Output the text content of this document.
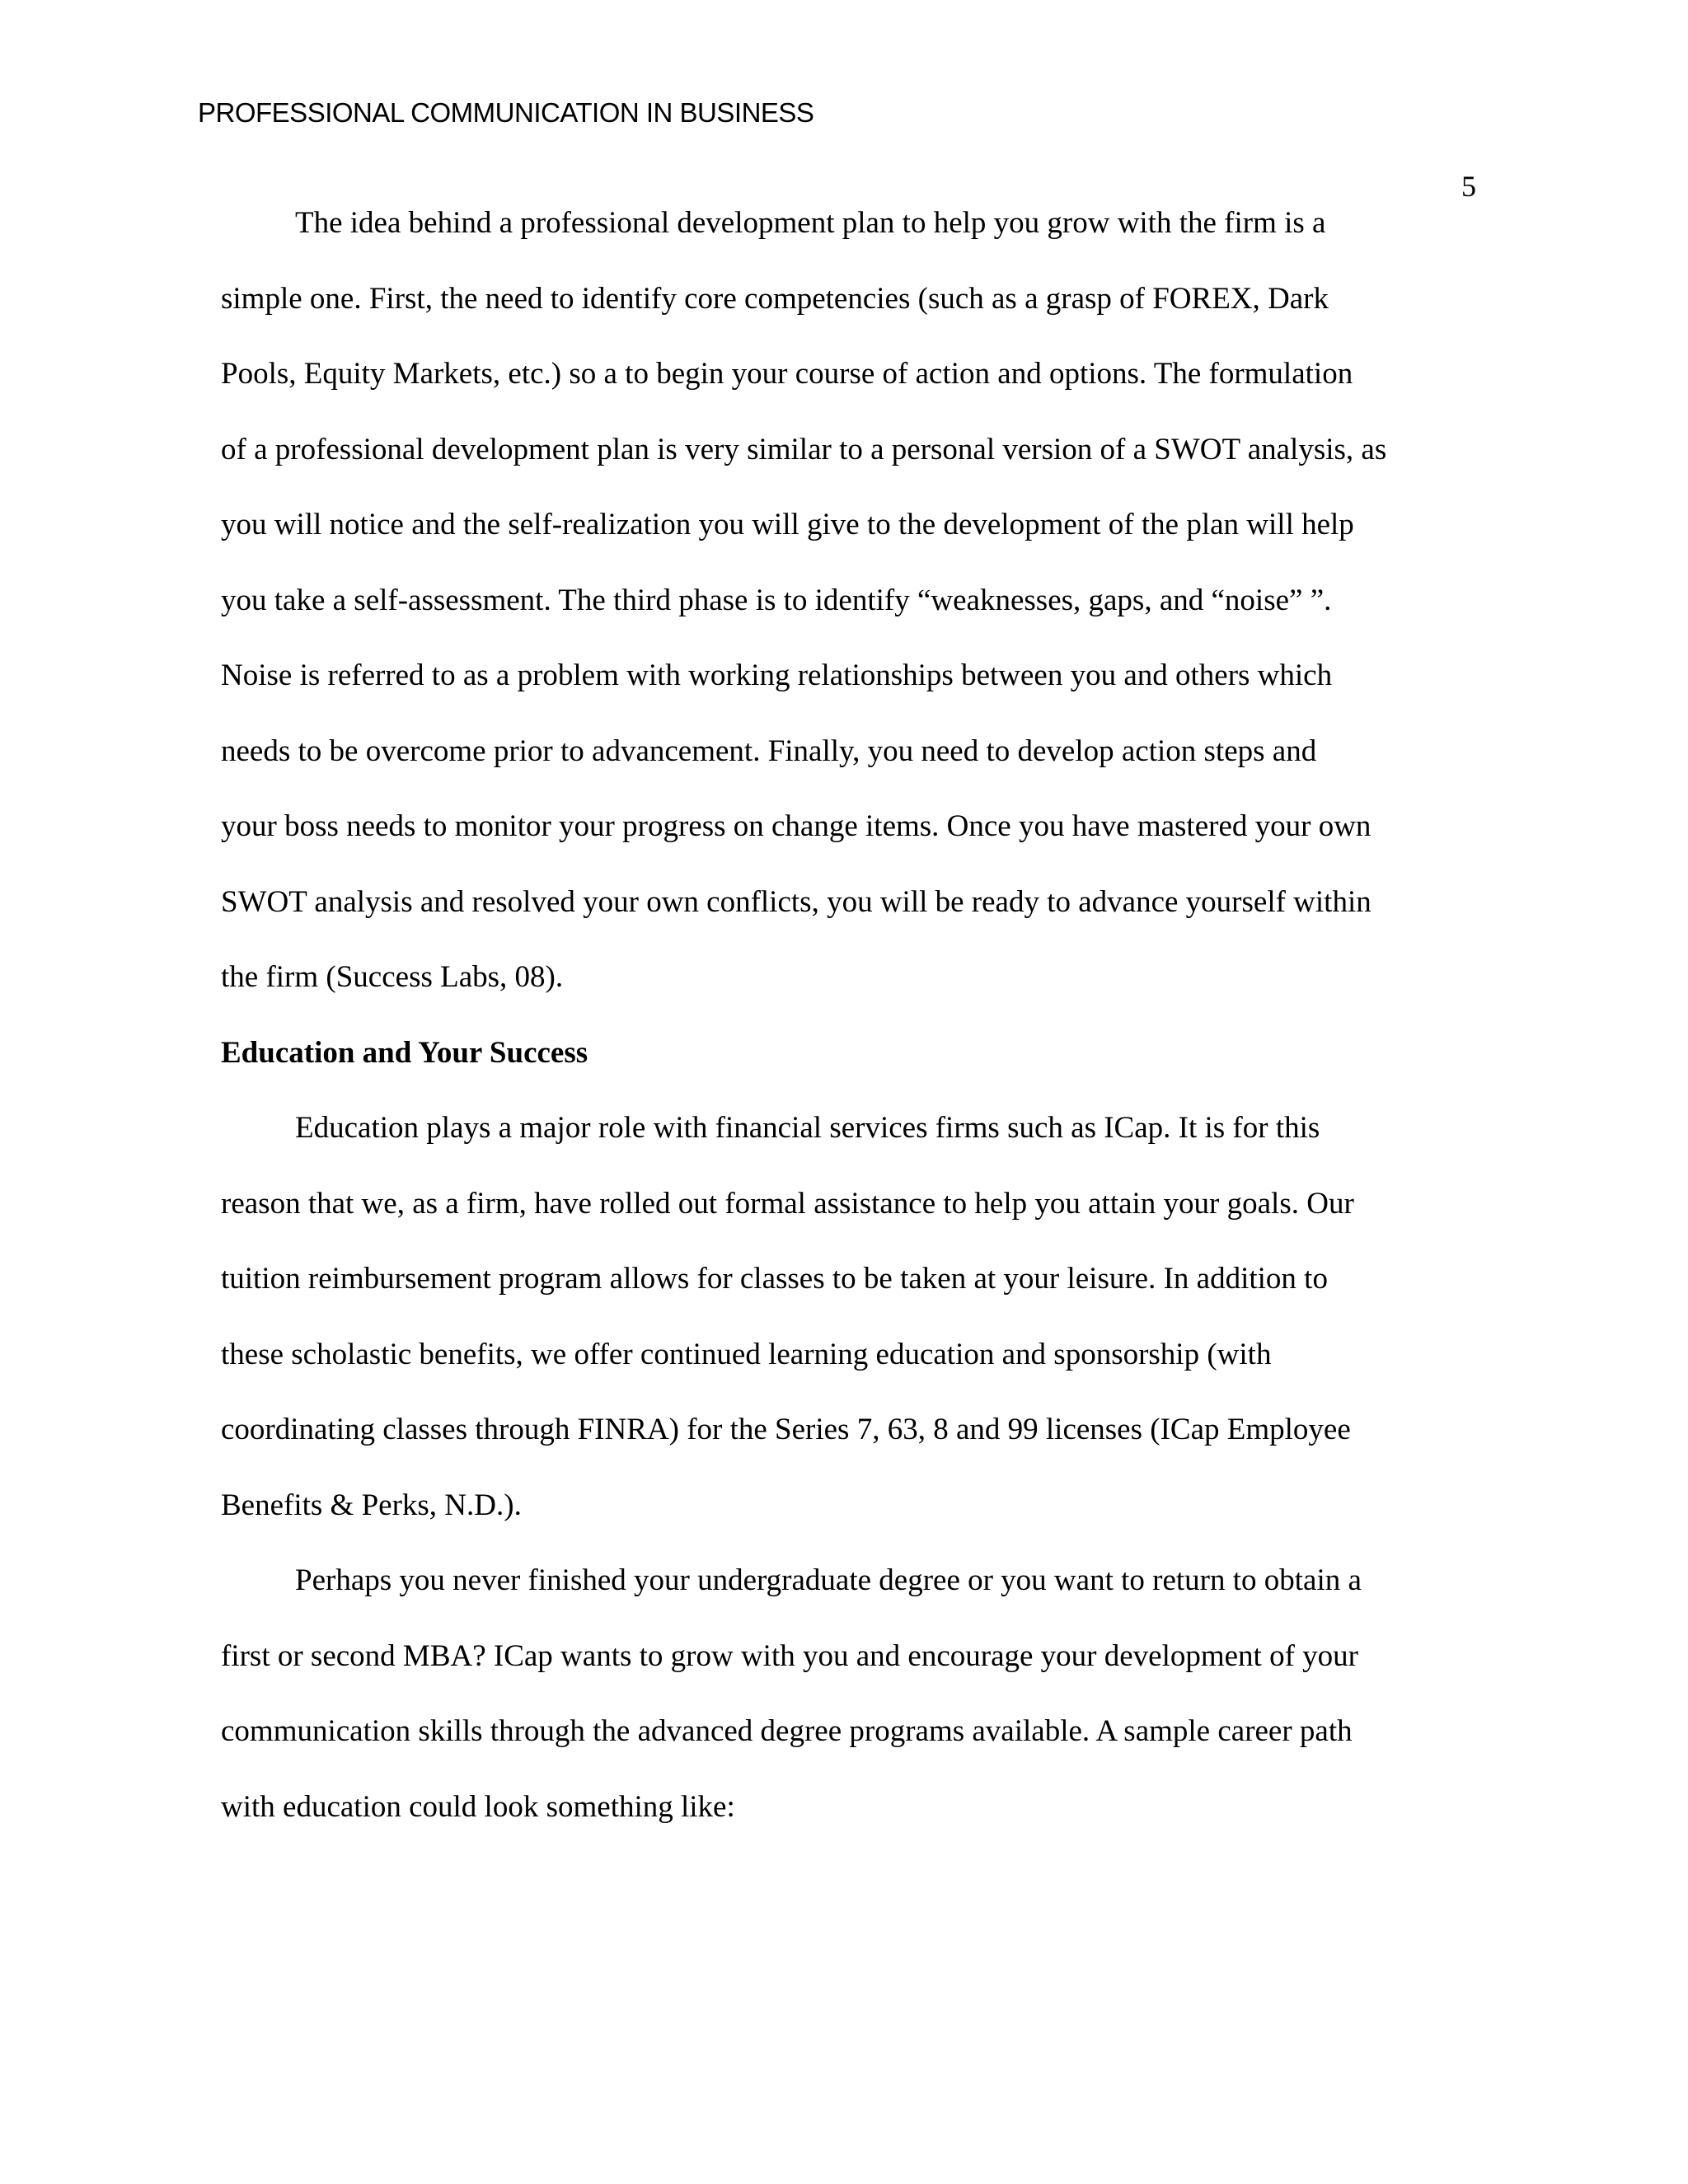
PROFESSIONAL COMMUNICATION IN BUSINESS
5
The idea behind a professional development plan to help you grow with the firm is a
simple one. First, the need to identify core competencies (such as a grasp of FOREX, Dark
Pools, Equity Markets, etc.) so a to begin your course of action and options. The formulation
of a professional development plan is very similar to a personal version of a SWOT analysis, as
you will notice and the self-realization you will give to the development of the plan will help
you take a self-assessment. The third phase is to identify “weaknesses, gaps, and “noise” ”.
Noise is referred to as a problem with working relationships between you and others which
needs to be overcome prior to advancement. Finally, you need to develop action steps and
your boss needs to monitor your progress on change items. Once you have mastered your own
SWOT analysis and resolved your own conflicts, you will be ready to advance yourself within
the firm (Success Labs, 08).
Education and Your Success
Education plays a major role with financial services firms such as ICap. It is for this
reason that we, as a firm, have rolled out formal assistance to help you attain your goals. Our
tuition reimbursement program allows for classes to be taken at your leisure. In addition to
these scholastic benefits, we offer continued learning education and sponsorship (with
coordinating classes through FINRA) for the Series 7, 63, 8 and 99 licenses (ICap Employee
Benefits & Perks, N.D.).
Perhaps you never finished your undergraduate degree or you want to return to obtain a
first or second MBA? ICap wants to grow with you and encourage your development of your
communication skills through the advanced degree programs available. A sample career path
with education could look something like:
